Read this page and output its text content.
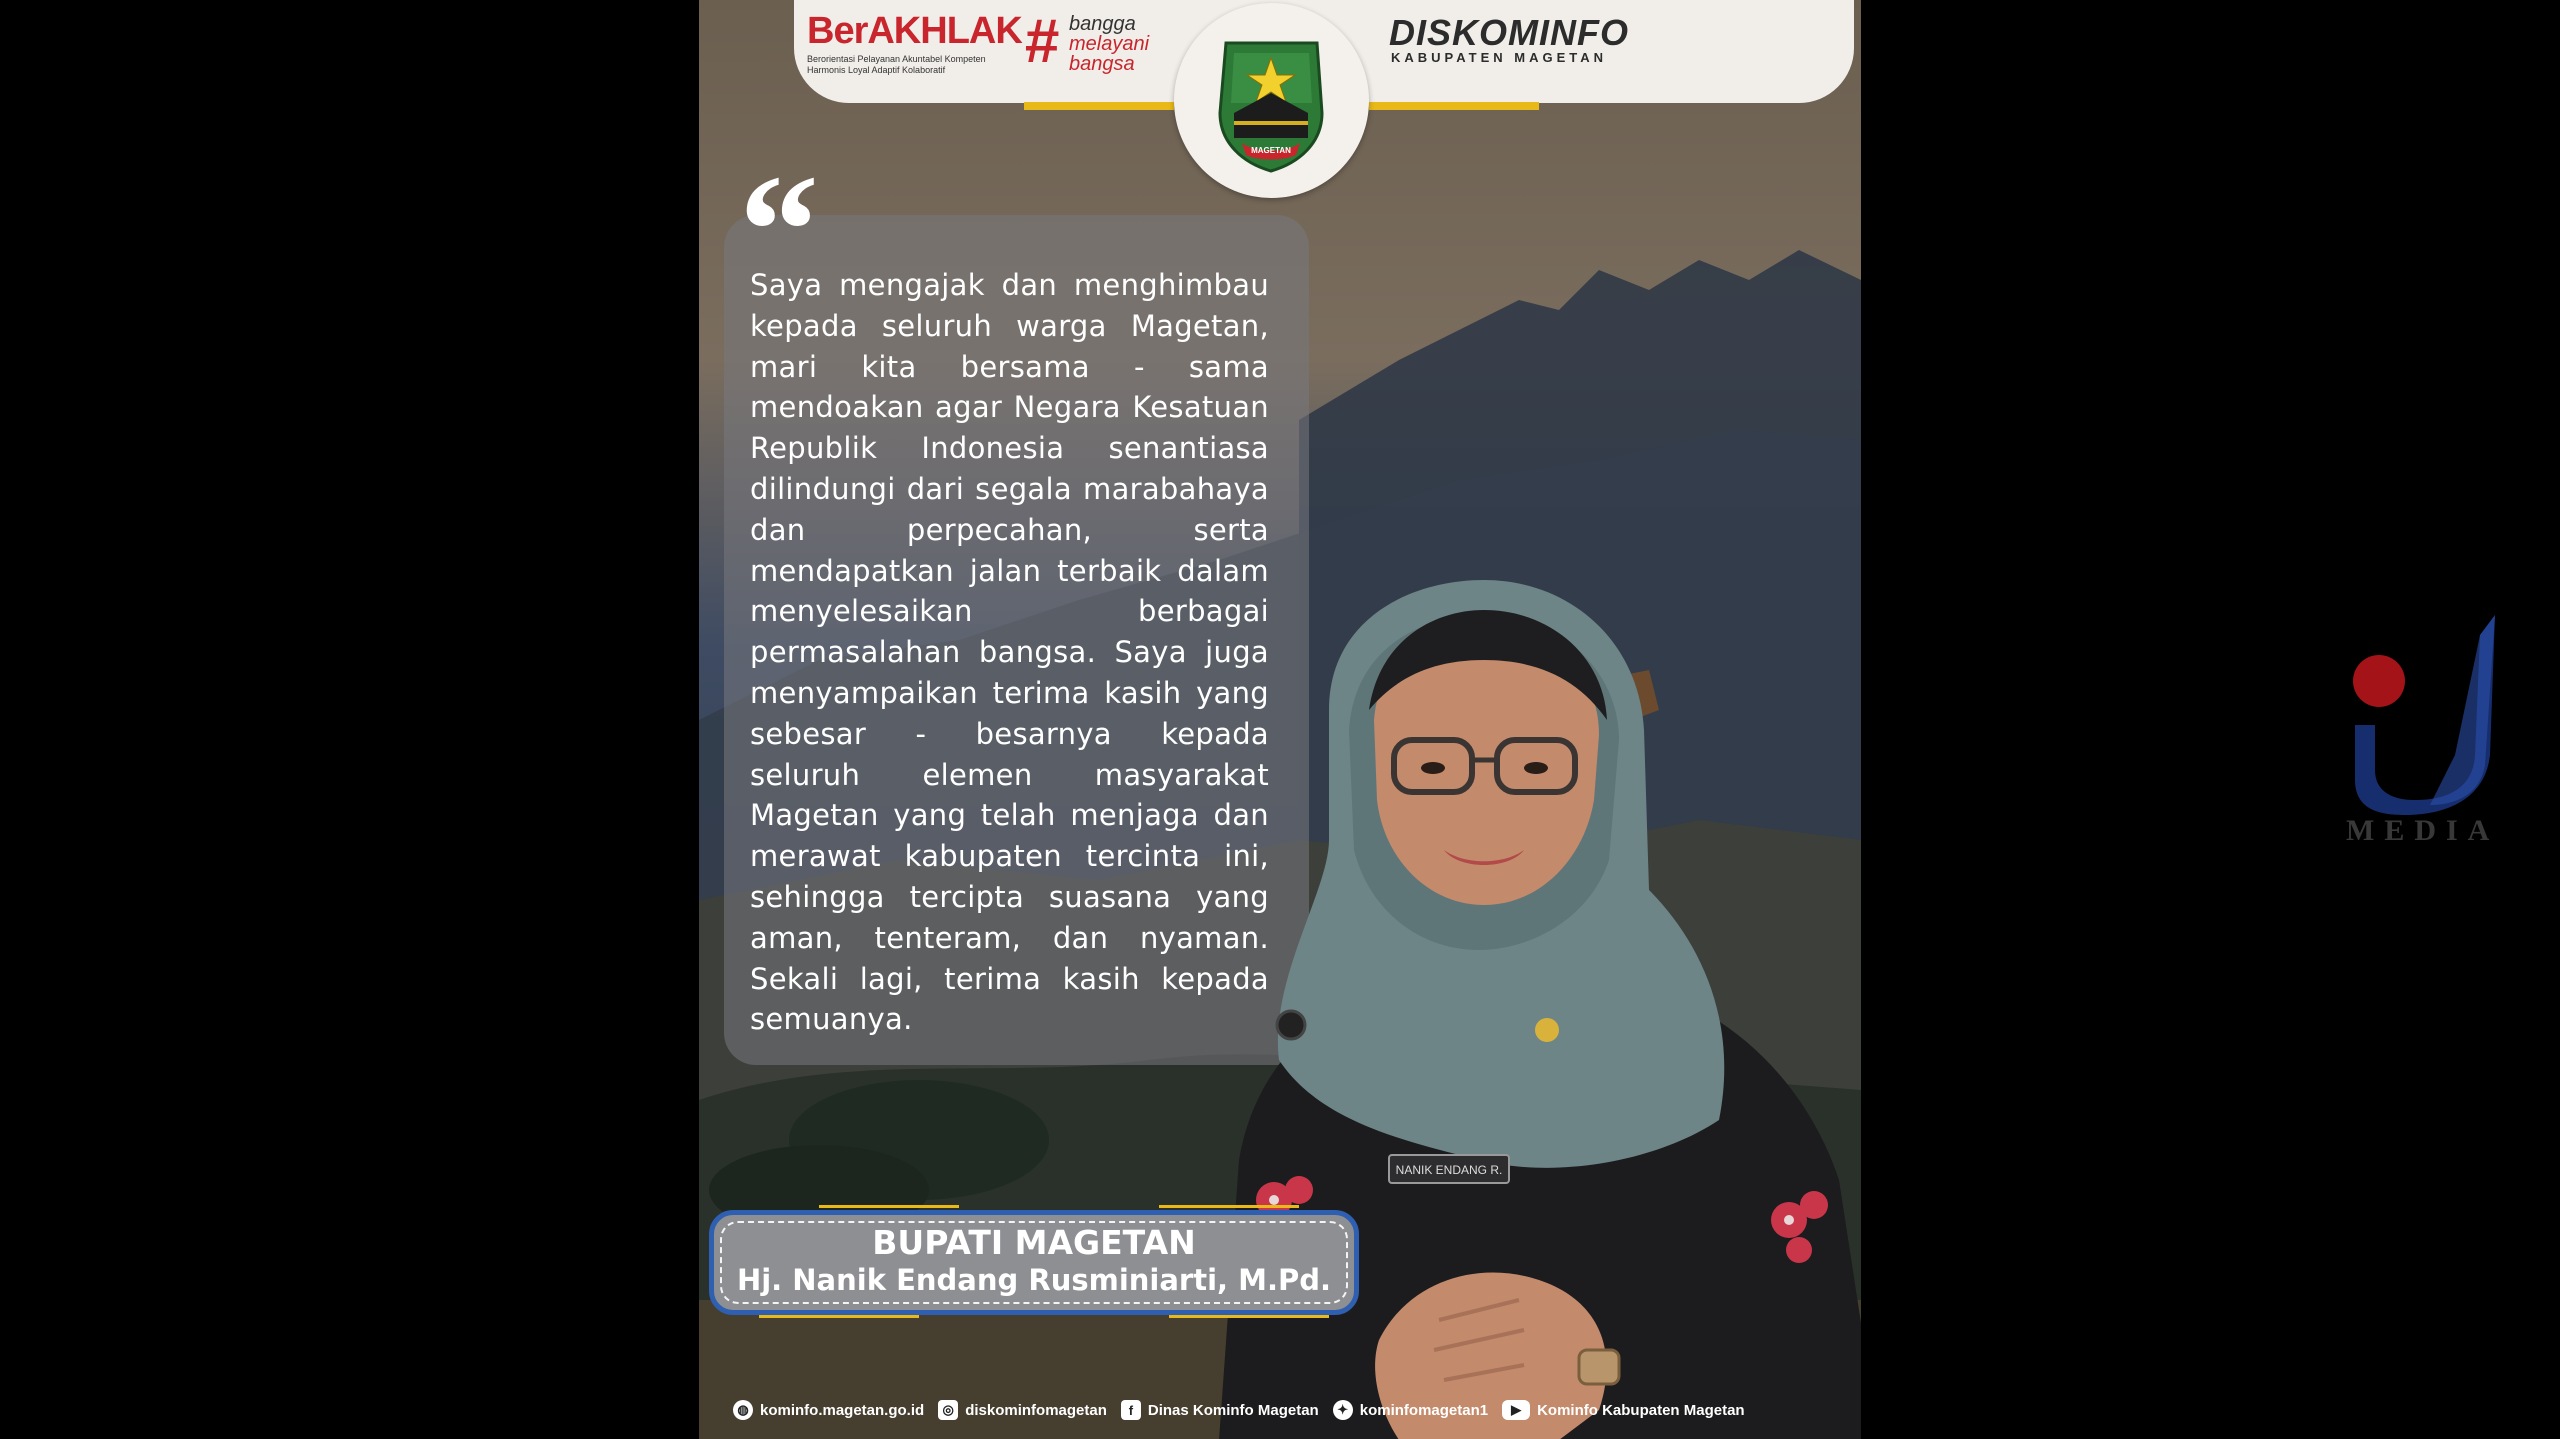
BerAKHLAK
Berorientasi Pelayanan Akuntabel Kompeten Harmonis Loyal Adaptif Kolaboratif	# bangga
melayani
bangsa
DISKOMINFO
KABUPATEN MAGETAN
MAGETAN
“
Saya mengajak dan menghimbau kepada seluruh warga Magetan, mari kita bersama - sama mendoakan agar Negara Kesatuan Republik Indonesia senantiasa dilindungi dari segala marabahaya dan perpecahan, serta mendapatkan jalan terbaik dalam menyelesaikan berbagai permasalahan bangsa. Saya juga menyampaikan terima kasih yang sebesar - besarnya kepada seluruh elemen masyarakat Magetan yang telah menjaga dan merawat kabupaten tercinta ini, sehingga tercipta suasana yang aman, tenteram, dan nyaman. Sekali lagi, terima kasih kepada semuanya.
NANIK ENDANG R.
BUPATI MAGETAN
Hj. Nanik Endang Rusminiarti, M.Pd.
◍ kominfo.magetan.go.id	◎ diskominfomagetan	f Dinas Kominfo Magetan	✦ kominfomagetan1	▶	Kominfo Kabupaten Magetan
MEDIA
